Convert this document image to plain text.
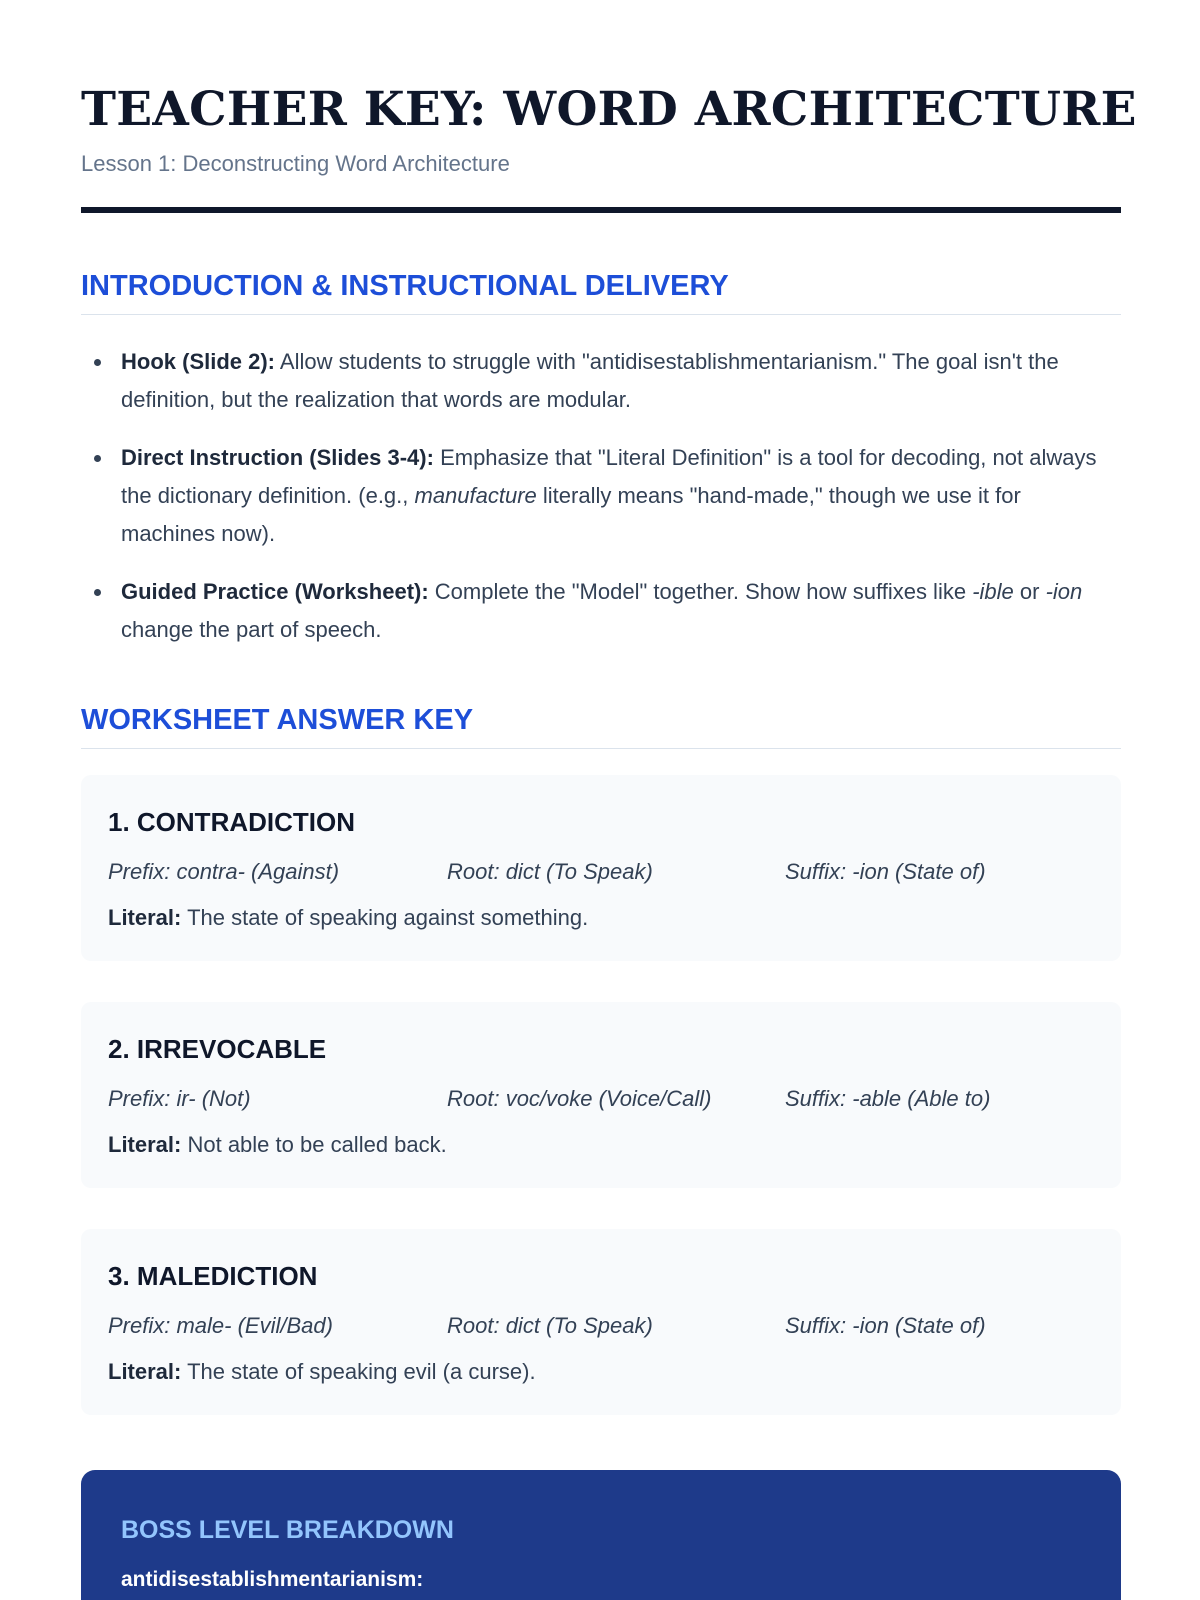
TEACHER KEY: WORD ARCHITECTURE
Lesson 1: Deconstructing Word Architecture
INTRODUCTION & INSTRUCTIONAL DELIVERY
Hook (Slide 2): Allow students to struggle with "antidisestablishmentarianism." The goal isn't the definition, but the realization that words are modular.
Direct Instruction (Slides 3-4): Emphasize that "Literal Definition" is a tool for decoding, not always the dictionary definition. (e.g., manufacture literally means "hand-made," though we use it for machines now).
Guided Practice (Worksheet): Complete the "Model" together. Show how suffixes like -ible or -ion change the part of speech.
WORKSHEET ANSWER KEY
1. CONTRADICTION
Prefix: contra- (Against)	Root: dict (To Speak)	Suffix: -ion (State of)
Literal: The state of speaking against something.
2. IRREVOCABLE
Prefix: ir- (Not)	Root: voc/voke (Voice/Call)	Suffix: -able (Able to)
Literal: Not able to be called back.
3. MALEDICTION
Prefix: male- (Evil/Bad)	Root: dict (To Speak)	Suffix: -ion (State of)
Literal: The state of speaking evil (a curse).
BOSS LEVEL BREAKDOWN
antidisestablishmentarianism:
